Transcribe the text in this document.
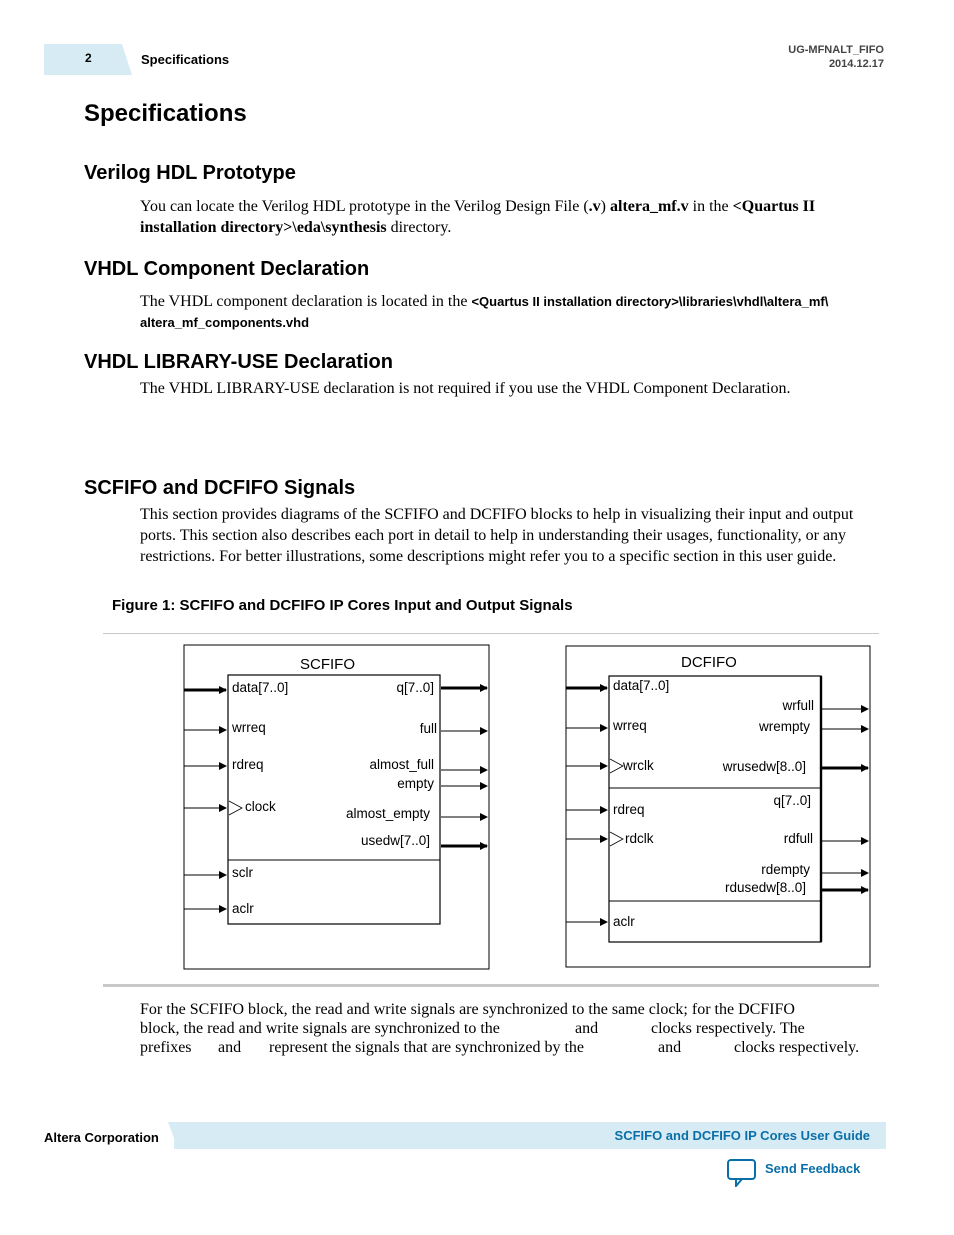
2	Specifications
UG-MFNALT_FIFO
2014.12.17
Specifications
Verilog HDL Prototype
You can locate the Verilog HDL prototype in the Verilog Design File (.v) altera_mf.v in the <Quartus II installation directory>\eda\synthesis directory.
VHDL Component Declaration
The VHDL component declaration is located in the <Quartus II installation directory>\libraries\vhdl\altera_mf\ altera_mf_components.vhd
VHDL LIBRARY-USE Declaration
The VHDL LIBRARY-USE declaration is not required if you use the VHDL Component Declaration.
SCFIFO and DCFIFO Signals
This section provides diagrams of the SCFIFO and DCFIFO blocks to help in visualizing their input and output ports. This section also describes each port in detail to help in understanding their usages, functionality, or any restrictions. For better illustrations, some descriptions might refer you to a specific section in this user guide.
Figure 1: SCFIFO and DCFIFO IP Cores Input and Output Signals
SCFIFO
data[7..0]
wrreq
rdreq
clock
sclr
aclr
q[7..0]
full
almost_full
empty
almost_empty
usedw[7..0]
DCFIFO
data[7..0]
wrreq
wrclk
rdreq
rdclk
aclr
wrfull
wrempty
wrusedw[8..0]
q[7..0]
rdfull
rdempty
rdusedw[8..0]
For the SCFIFO block, the read and write signals are synchronized to the same clock; for the DCFIFO
block, the read and write signals are synchronized to the	and	clocks respectively. The
prefixes and represent the signals that are synchronized by the	and	clocks respectively.
Altera Corporation	SCFIFO and DCFIFO IP Cores User Guide
Send Feedback
